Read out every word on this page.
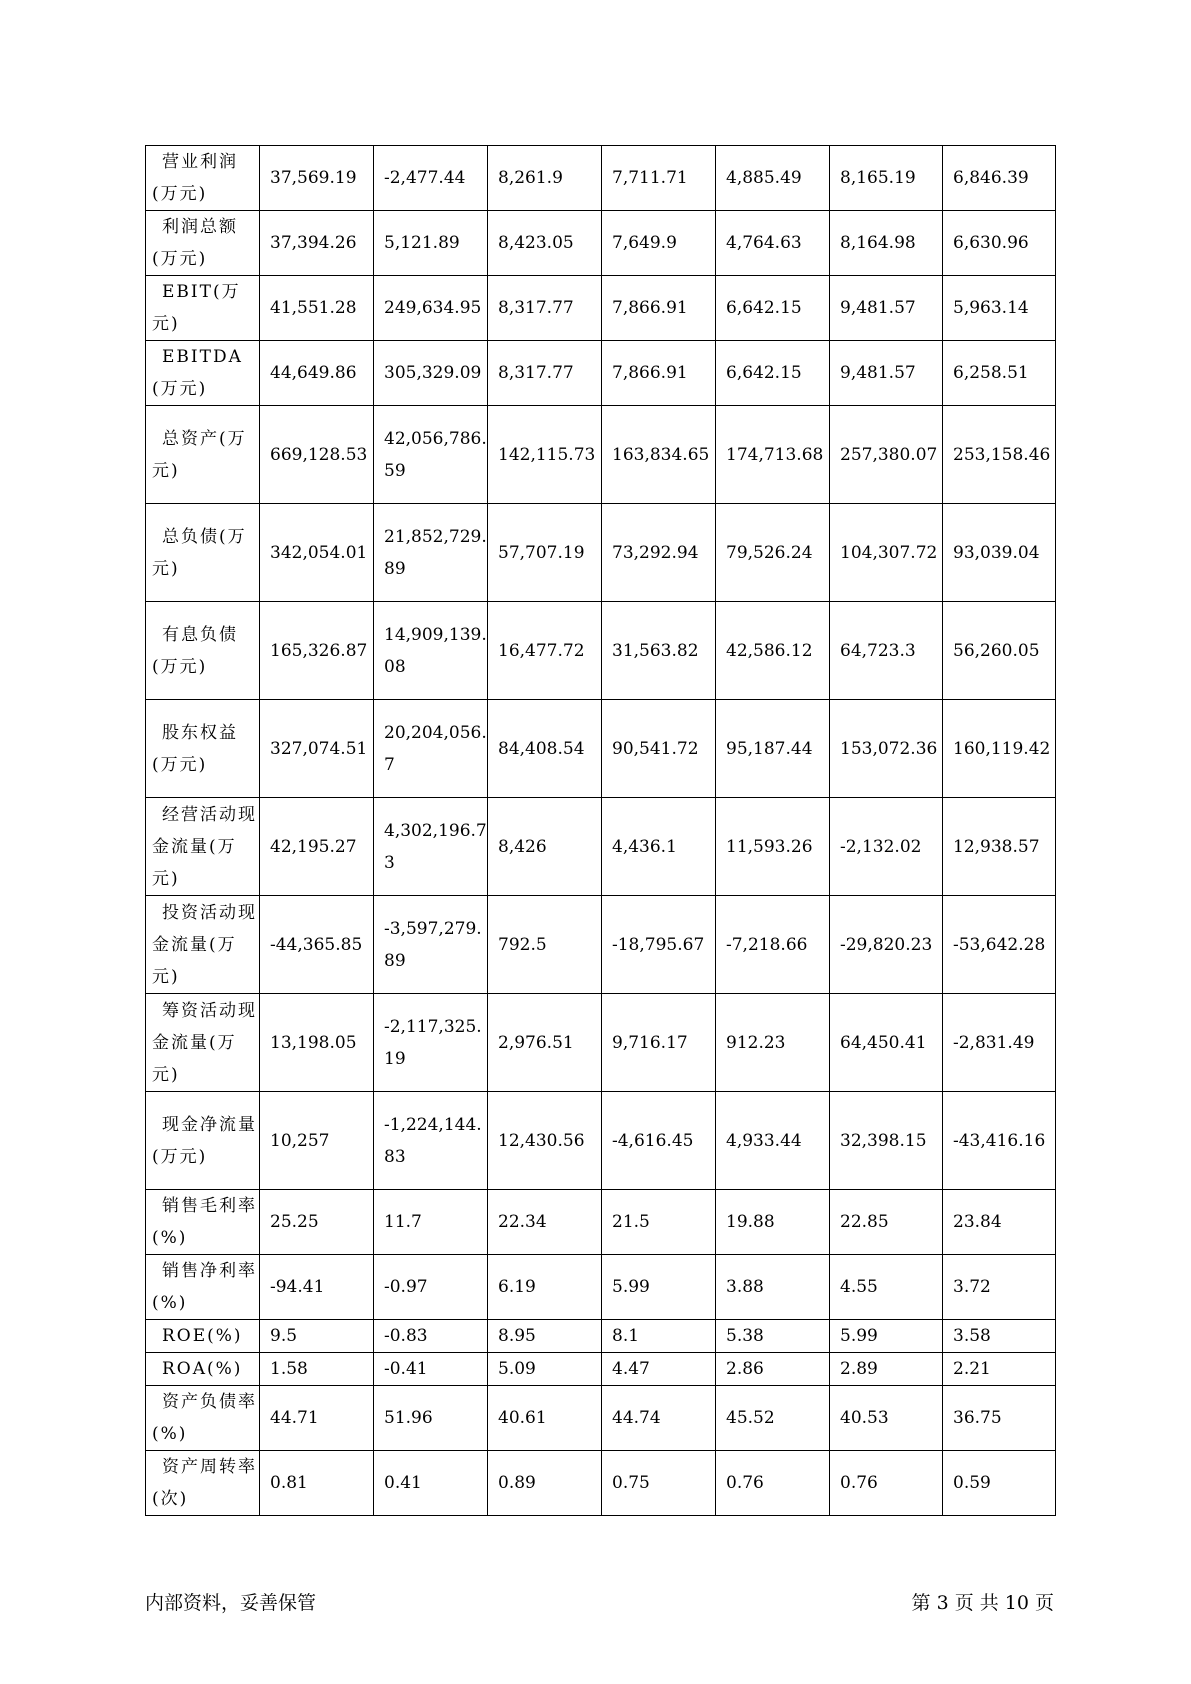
营业利润(万元)	37,569.19	-2,477.44	8,261.9	7,711.71	4,885.49	8,165.19	6,846.39
利润总额(万元)	37,394.26	5,121.89	8,423.05	7,649.9	4,764.63	8,164.98	6,630.96
EBIT(万元)	41,551.28	249,634.95	8,317.77	7,866.91	6,642.15	9,481.57	5,963.14
EBITDA(万元)	44,649.86	305,329.09	8,317.77	7,866.91	6,642.15	9,481.57	6,258.51
总资产(万元)	669,128.53	42,056,786.59	142,115.73	163,834.65	174,713.68	257,380.07	253,158.46
总负债(万元)	342,054.01	21,852,729.89	57,707.19	73,292.94	79,526.24	104,307.72	93,039.04
有息负债(万元)	165,326.87	14,909,139.08	16,477.72	31,563.82	42,586.12	64,723.3	56,260.05
股东权益(万元)	327,074.51	20,204,056.7	84,408.54	90,541.72	95,187.44	153,072.36	160,119.42
经营活动现金流量(万元)	42,195.27	4,302,196.73	8,426	4,436.1	11,593.26	-2,132.02	12,938.57
投资活动现金流量(万元)	-44,365.85	-3,597,279.89	792.5	-18,795.67	-7,218.66	-29,820.23	-53,642.28
筹资活动现金流量(万元)	13,198.05	-2,117,325.19	2,976.51	9,716.17	912.23	64,450.41	-2,831.49
现金净流量(万元)	10,257	-1,224,144.83	12,430.56	-4,616.45	4,933.44	32,398.15	-43,416.16
销售毛利率(%)	25.25	11.7	22.34	21.5	19.88	22.85	23.84
销售净利率(%)	-94.41	-0.97	6.19	5.99	3.88	4.55	3.72
ROE(%)	9.5	-0.83	8.95	8.1	5.38	5.99	3.58
ROA(%)	1.58	-0.41	5.09	4.47	2.86	2.89	2.21
资产负债率(%)	44.71	51.96	40.61	44.74	45.52	40.53	36.75
资产周转率(次)	0.81	0.41	0.89	0.75	0.76	0.76	0.59
内部资料，妥善保管	第 3 页 共 10 页
